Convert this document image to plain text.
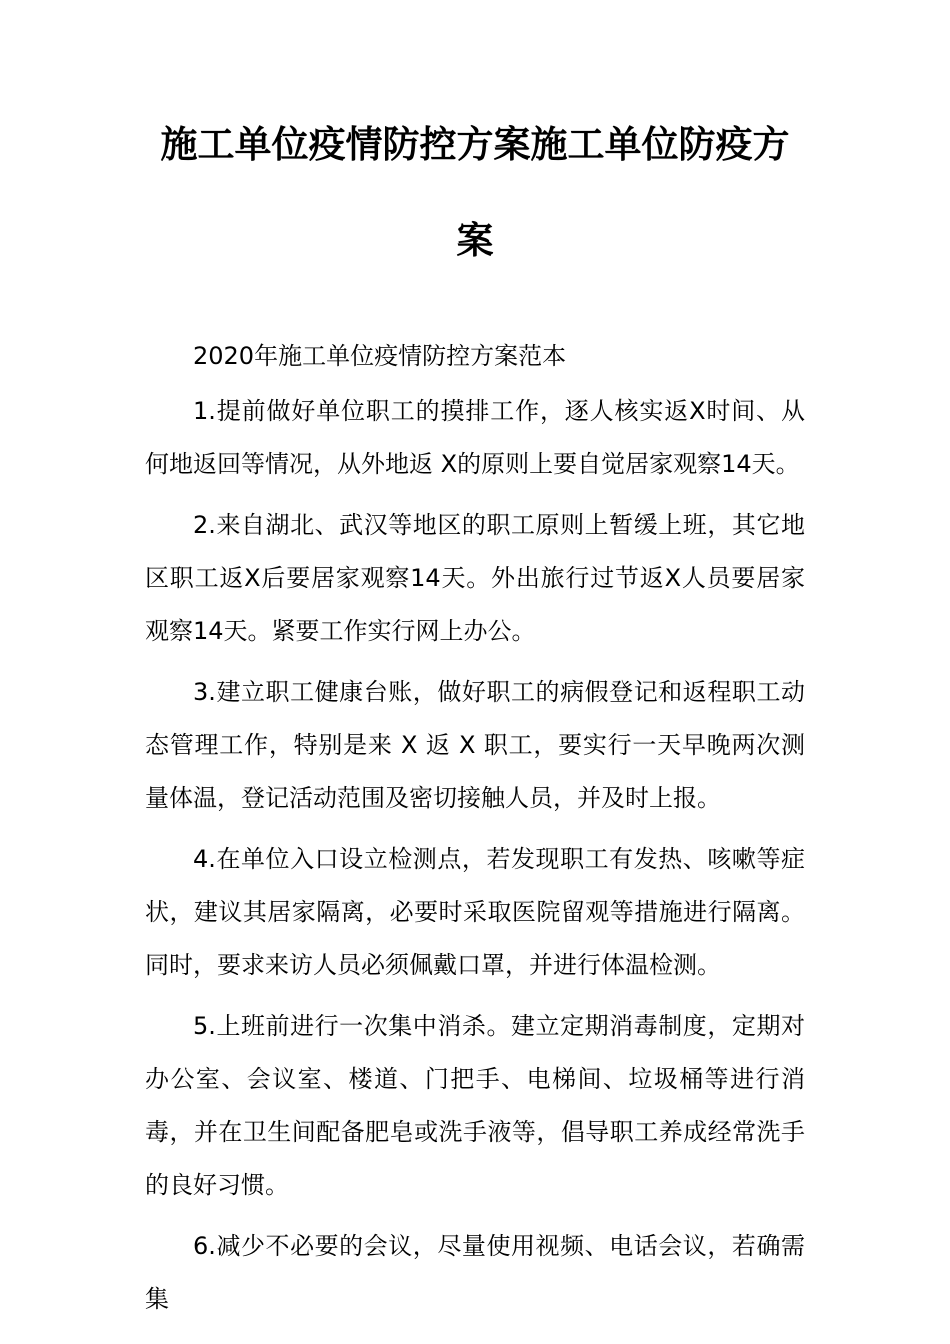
施工单位疫情防控方案施工单位防疫方
案

2020年施工单位疫情防控方案范本

1.提前做好单位职工的摸排工作，逐人核实返X时间、从何地返回等情况，从外地返 X的原则上要自觉居家观察14天。

2.来自湖北、武汉等地区的职工原则上暂缓上班，其它地区职工返X后要居家观察14天。外出旅行过节返X人员要居家观察14天。紧要工作实行网上办公。

3.建立职工健康台账，做好职工的病假登记和返程职工动态管理工作，特别是来 X 返 X 职工，要实行一天早晚两次测量体温，登记活动范围及密切接触人员，并及时上报。

4.在单位入口设立检测点，若发现职工有发热、咳嗽等症状，建议其居家隔离，必要时采取医院留观等措施进行隔离。同时，要求来访人员必须佩戴口罩，并进行体温检测。

5.上班前进行一次集中消杀。建立定期消毒制度，定期对办公室、会议室、楼道、门把手、电梯间、垃圾桶等进行消毒，并在卫生间配备肥皂或洗手液等，倡导职工养成经常洗手的良好习惯。

6.减少不必要的会议，尽量使用视频、电话会议，若确需集
